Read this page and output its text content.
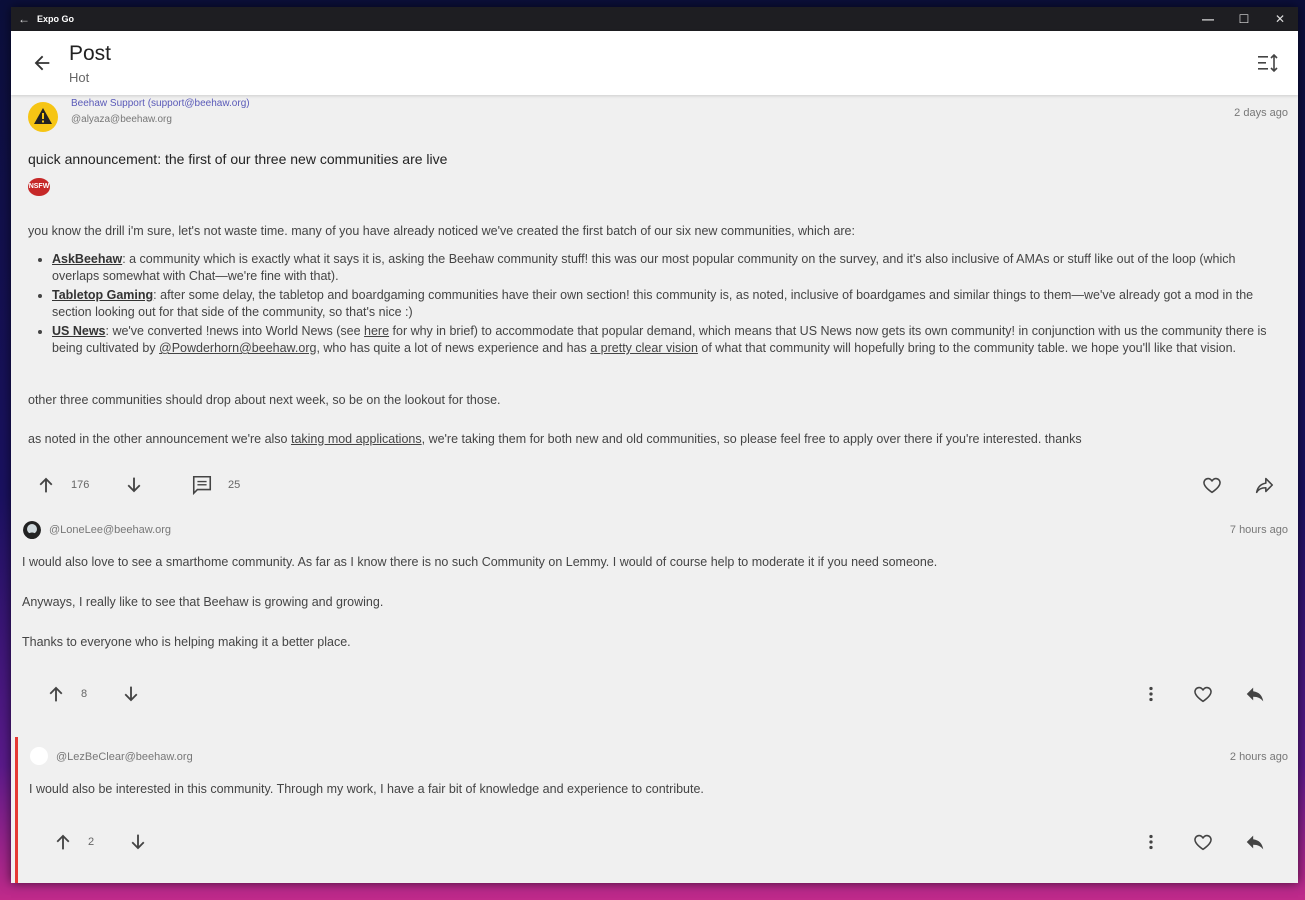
← Expo Go	—	☐	✕
Post
Hot
Beehaw Support (support@beehaw.org)
@alyaza@beehaw.org
2 days ago
quick announcement: the first of our three new communities are live
NSFW
you know the drill i'm sure, let's not waste time. many of you have already noticed we've created the first batch of our six new communities, which are:
• AskBeehaw: a community which is exactly what it says it is, asking the Beehaw community stuff! this was our most popular community on the survey, and it's also inclusive of AMAs or stuff like out of the loop (which overlaps somewhat with Chat—we're fine with that).
• Tabletop Gaming: after some delay, the tabletop and boardgaming communities have their own section! this community is, as noted, inclusive of boardgames and similar things to them—we've already got a mod in the section looking out for that side of the community, so that's nice :)
• US News: we've converted !news into World News (see here for why in brief) to accommodate that popular demand, which means that US News now gets its own community! in conjunction with us the community there is being cultivated by @Powderhorn@beehaw.org, who has quite a lot of news experience and has a pretty clear vision of what that community will hopefully bring to the community table. we hope you'll like that vision.
other three communities should drop about next week, so be on the lookout for those.
as noted in the other announcement we're also taking mod applications, we're taking them for both new and old communities, so please feel free to apply over there if you're interested. thanks
176	25
@LoneLee@beehaw.org	7 hours ago
I would also love to see a smarthome community. As far as I know there is no such Community on Lemmy. I would of course help to moderate it if you need someone.
Anyways, I really like to see that Beehaw is growing and growing.
Thanks to everyone who is helping making it a better place.
8
@LezBeClear@beehaw.org	2 hours ago
I would also be interested in this community. Through my work, I have a fair bit of knowledge and experience to contribute.
2
